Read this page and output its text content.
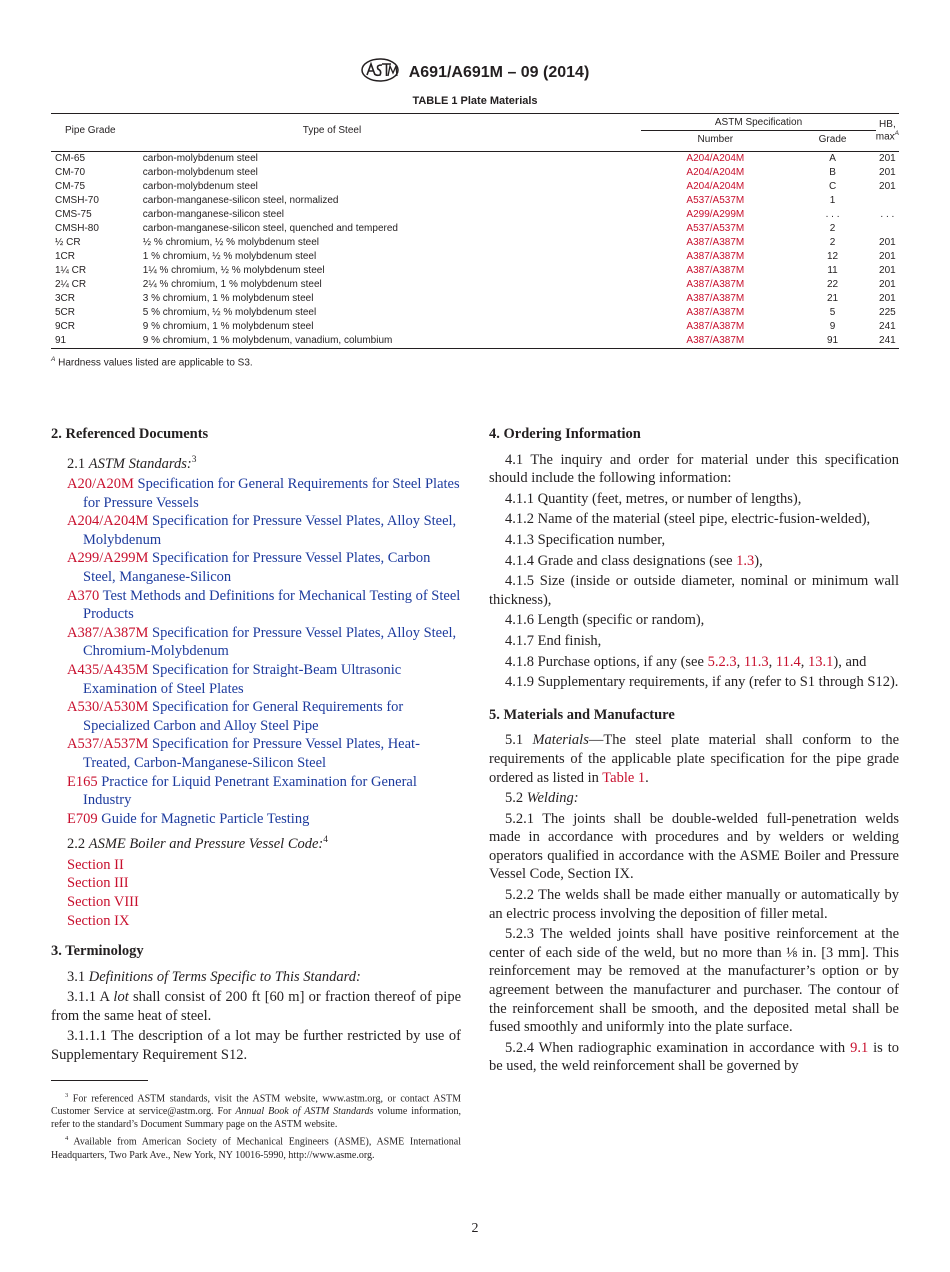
A691/A691M – 09 (2014)
TABLE 1 Plate Materials
Pipe Grade	Type of Steel	ASTM Specification		HB, $\max^A$
		Number	Grade	

CM-65	carbon-molybdenum steel	A204/A204M	A	201
CM-70	carbon-molybdenum steel	A204/A204M	B	201
CM-75	carbon-molybdenum steel	A204/A204M	C	201
CMSH-70	carbon-manganese-silicon steel, normalized	A537/A537M	1	
CMS-75	carbon-manganese-silicon steel	A299/A299M	. . .	. . .
CMSH-80	carbon-manganese-silicon steel, quenched and tempered	A537/A537M	2	
½ CR	½ % chromium, ½ % molybdenum steel	A387/A387M	2	201
1CR	1 % chromium, ½ % molybdenum steel	A387/A387M	12	201
1¼ CR	1¼ % chromium, ½ % molybdenum steel	A387/A387M	11	201
2¼ CR	2¼ % chromium, 1 % molybdenum steel	A387/A387M	22	201
3CR	3 % chromium, 1 % molybdenum steel	A387/A387M	21	201
5CR	5 % chromium, ½ % molybdenum steel	A387/A387M	5	225
9CR	9 % chromium, 1 % molybdenum steel	A387/A387M	9	241
91	9 % chromium, 1 % molybdenum, vanadium, columbium	A387/A387M	91	241
$^A$ Hardness values listed are applicable to S3.
2. Referenced Documents
2.1 ASTM Standards:$^3$
A20/A20M Specification for General Requirements for Steel Plates for Pressure Vessels
A204/A204M Specification for Pressure Vessel Plates, Alloy Steel, Molybdenum
A299/A299M Specification for Pressure Vessel Plates, Carbon Steel, Manganese-Silicon
A370 Test Methods and Definitions for Mechanical Testing of Steel Products
A387/A387M Specification for Pressure Vessel Plates, Alloy Steel, Chromium-Molybdenum
A435/A435M Specification for Straight-Beam Ultrasonic Examination of Steel Plates
A530/A530M Specification for General Requirements for Specialized Carbon and Alloy Steel Pipe
A537/A537M Specification for Pressure Vessel Plates, Heat-Treated, Carbon-Manganese-Silicon Steel
E165 Practice for Liquid Penetrant Examination for General Industry
E709 Guide for Magnetic Particle Testing
2.2 ASME Boiler and Pressure Vessel Code:$^4$
Section II
Section III
Section VIII
Section IX
3. Terminology
3.1 Definitions of Terms Specific to This Standard:
3.1.1 A lot shall consist of 200 ft [60 m] or fraction thereof of pipe from the same heat of steel.
3.1.1.1 The description of a lot may be further restricted by use of Supplementary Requirement S12.

$^3$ For referenced ASTM standards, visit the ASTM website, www.astm.org, or contact ASTM Customer Service at service@astm.org. For Annual Book of ASTM Standards volume information, refer to the standard’s Document Summary page on the ASTM website.

$^4$ Available from American Society of Mechanical Engineers (ASME), ASME International Headquarters, Two Park Ave., New York, NY 10016-5990, http://www.asme.org.

4. Ordering Information
4.1 The inquiry and order for material under this specification should include the following information:
4.1.1 Quantity (feet, metres, or number of lengths),
4.1.2 Name of the material (steel pipe, electric-fusion-welded),
4.1.3 Specification number,
4.1.4 Grade and class designations (see 1.3),
4.1.5 Size (inside or outside diameter, nominal or minimum wall thickness),
4.1.6 Length (specific or random),
4.1.7 End finish,
4.1.8 Purchase options, if any (see 5.2.3, 11.3, 11.4, 13.1), and
4.1.9 Supplementary requirements, if any (refer to S1 through S12).
5. Materials and Manufacture
5.1 Materials—The steel plate material shall conform to the requirements of the applicable plate specification for the pipe grade ordered as listed in Table 1.
5.2 Welding:
5.2.1 The joints shall be double-welded full-penetration welds made in accordance with procedures and by welders or welding operators qualified in accordance with the ASME Boiler and Pressure Vessel Code, Section IX.
5.2.2 The welds shall be made either manually or automatically by an electric process involving the deposition of filler metal.
5.2.3 The welded joints shall have positive reinforcement at the center of each side of the weld, but no more than ⅛ in. [3 mm]. This reinforcement may be removed at the manufacturer’s option or by agreement between the manufacturer and purchaser. The contour of the reinforcement shall be smooth, and the deposited metal shall be fused smoothly and uniformly into the plate surface.
5.2.4 When radiographic examination in accordance with 9.1 is to be used, the weld reinforcement shall be governed by
2
